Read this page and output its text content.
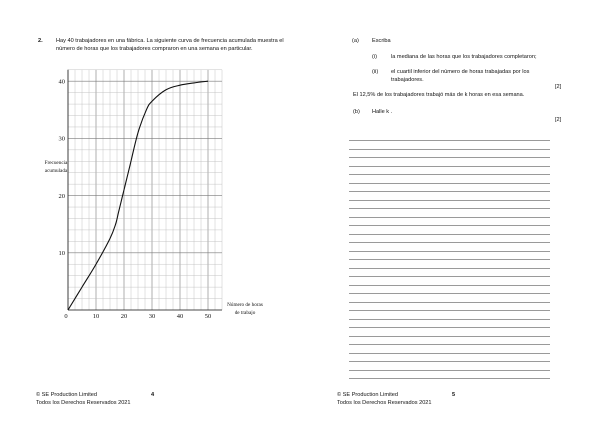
2. Hay 40 trabajadores en una fábrica. La siguiente curva de frecuencia acumulada muestra el número de horas que los trabajadores compraron en una semana en particular.
0	10	20	30	40	50
10
20
30
40
Frecuencia acumulada
Número de horas de trabajo
© SE Production Limited
Todos los Derechos Reservados 2021
4
(a) Escriba
(i)	la mediana de las horas que los trabajadores completaron;
(ii) el cuartil inferior del número de horas trabajadas por los trabajadores.
[2]
El 12,5% de los trabajadores trabajó más de k horas en esa semana.
(b) Halle k .
[2]
© SE Production Limited
Todos los Derechos Reservados 2021
5
